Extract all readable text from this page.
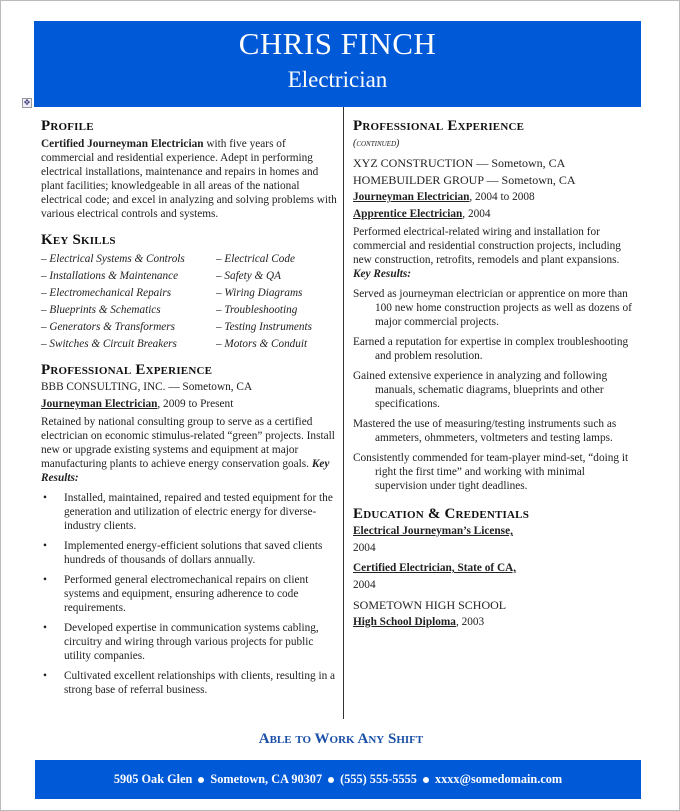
CHRIS FINCH
Electrician
✥
Profile

Certified Journeyman Electrician with five years of commercial and residential experience. Adept in performing electrical installations, maintenance and repairs in homes and plant facilities; knowledgeable in all areas of the national electrical code; and excel in analyzing and solving problems with various electrical controls and systems.

Key Skills
– Electrical Systems & Controls	– Electrical Code
– Installations & Maintenance	– Safety & QA
– Electromechanical Repairs	– Wiring Diagrams
– Blueprints & Schematics	– Troubleshooting
– Generators & Transformers	– Testing Instruments
– Switches & Circuit Breakers	– Motors & Conduit
Professional Experience
BBB CONSULTING, INC. — Sometown, CA
Journeyman Electrician, 2009 to Present

Retained by national consulting group to serve as a certified electrician on economic stimulus-related “green” projects. Install new or upgrade existing systems and equipment at major manufacturing plants to achieve energy conservation goals. Key Results:

• Installed, maintained, repaired and tested equipment for the generation and utilization of electric energy for diverse-industry clients.
• Implemented energy-efficient solutions that saved clients hundreds of thousands of dollars annually.
• Performed general electromechanical repairs on client systems and equipment, ensuring adherence to code requirements.
• Developed expertise in communication systems cabling, circuitry and wiring through various projects for public utility companies.
• Cultivated excellent relationships with clients, resulting in a strong base of referral business.
Professional Experience
(continued)
XYZ CONSTRUCTION — Sometown, CA
HOMEBUILDER GROUP — Sometown, CA
Journeyman Electrician, 2004 to 2008
Apprentice Electrician, 2004

Performed electrical-related wiring and installation for commercial and residential construction projects, including new construction, retrofits, remodels and plant expansions. Key Results:

Served as journeyman electrician or apprentice on more than 100 new home construction projects as well as dozens of major commercial projects.

Earned a reputation for expertise in complex troubleshooting and problem resolution.

Gained extensive experience in analyzing and following manuals, schematic diagrams, blueprints and other specifications.

Mastered the use of measuring/testing instruments such as ammeters, ohmmeters, voltmeters and testing lamps.

Consistently commended for team-player mind-set, “doing it right the first time” and working with minimal supervision under tight deadlines.

Education & Credentials
Electrical Journeyman’s License,
2004
Certified Electrician, State of CA,
2004
SOMETOWN HIGH SCHOOL
High School Diploma, 2003
Able to Work Any Shift
5905 Oak Glen Sometown, CA 90307 (555) 555-5555 xxxx@somedomain.com
